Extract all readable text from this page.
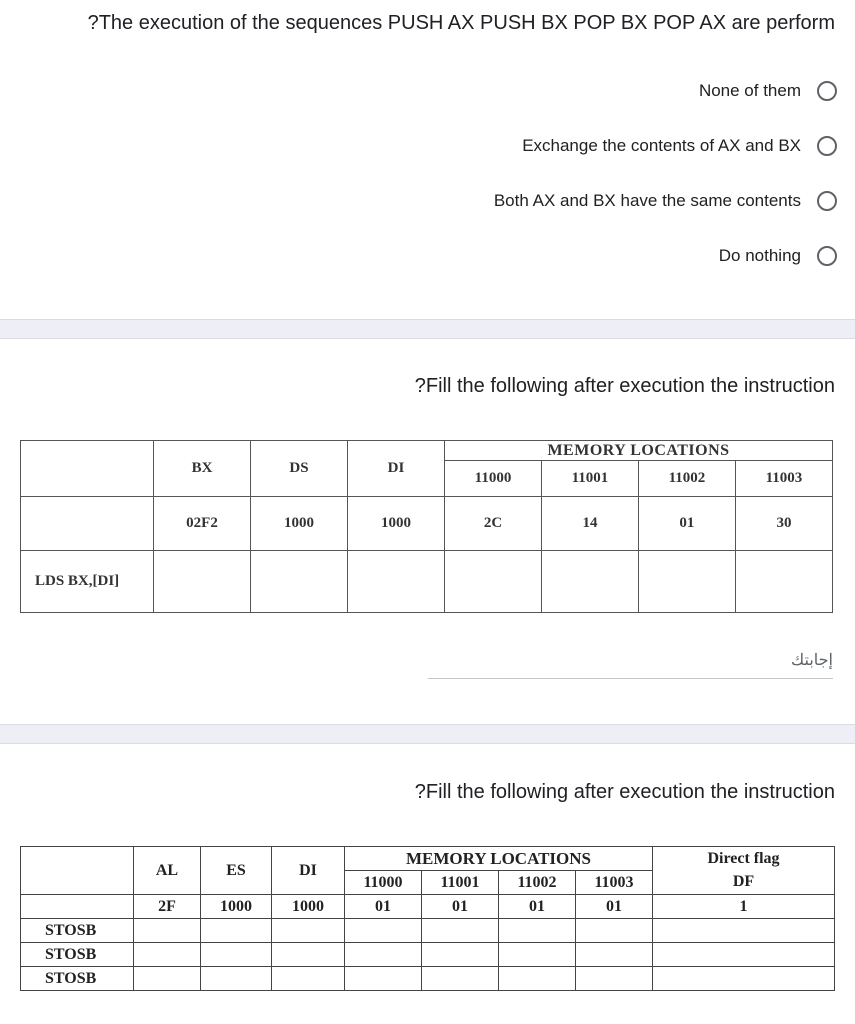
?The execution of the sequences PUSH AX PUSH BX POP BX POP AX are perform
None of them
Exchange the contents of AX and BX
Both AX and BX have the same contents
Do nothing
?Fill the following after execution the instruction
	BX	DS	DI	MEMORY LOCATIONS			
				11000	11001	11002	11003
	02F2	1000	1000	2C	14	01	30
LDS BX,[DI]							
إجابتك
?Fill the following after execution the instruction
	AL	ES	DI	MEMORY LOCATIONS				Direct flag
				11000	11001	11002	11003	DF
	2F	1000	1000	01	01	01	01	1
STOSB								
STOSB								
STOSB								
